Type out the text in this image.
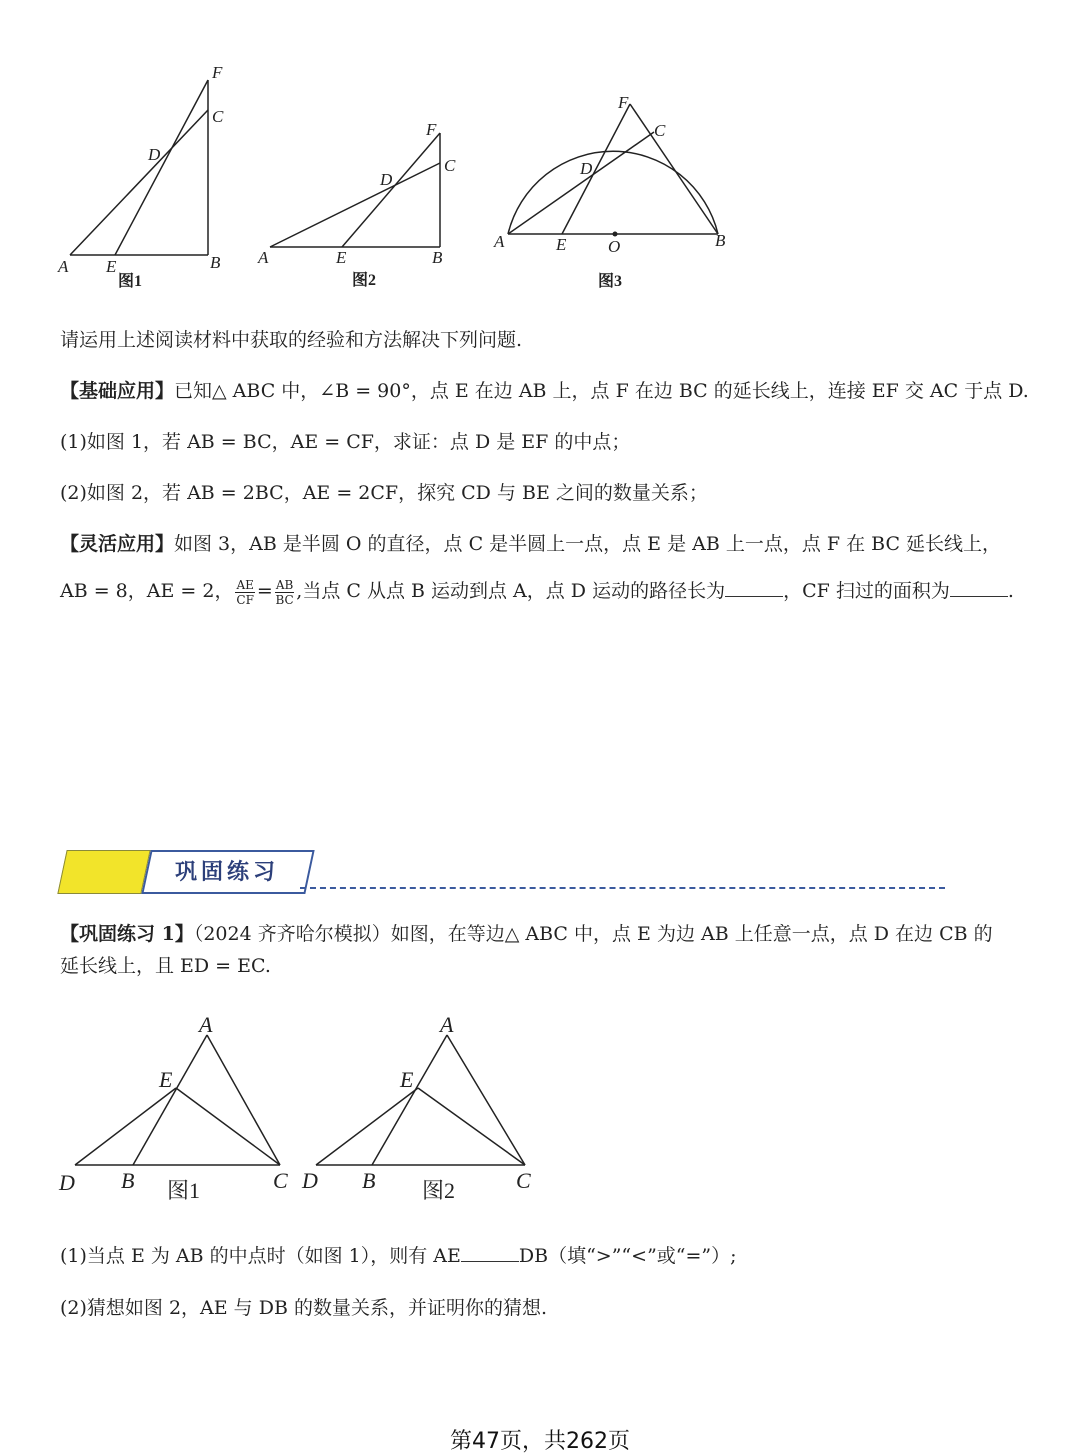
A E	B
C
D
F
图1
A	E	B
C
D
F
图2
A	E O	B
C
D
F
图3
请运用上述阅读材料中获取的经验和方法解决下列问题.
【基础应用】已知△ ABC 中，∠B = 90°，点 E 在边 AB 上，点 F 在边 BC 的延长线上，连接 EF 交 AC 于点 D.
(1)如图 1，若 AB = BC，AE = CF，求证：点 D 是 EF 的中点；
(2)如图 2，若 AB = 2BC，AE = 2CF，探究 CD 与 BE 之间的数量关系；
【灵活应用】如图 3，AB 是半圆 O 的直径，点 C 是半圆上一点，点 E 是 AB 上一点，点 F 在 BC 延长线上，
AB = 8，AE = 2， $\frac{AE}{CF} = \frac{AB}{BC}$ ,当点 C 从点 B 运动到点 A，点 D 运动的路径长为	，CF 扫过的面积为	.
巩固练习
【巩固练习 1】（2024 齐齐哈尔模拟）如图，在等边△ ABC 中，点 E 为边 AB 上任意一点，点 D 在边 CB 的
延长线上，且 ED = EC.
A
E
D B	C
图1
A
E
D B	C
图2
(1)当点 E 为 AB 的中点时（如图 1），则有 AE	DB（填“>”“<”或“=”）;
(2)猜想如图 2，AE 与 DB 的数量关系，并证明你的猜想.
第47页，共262页
